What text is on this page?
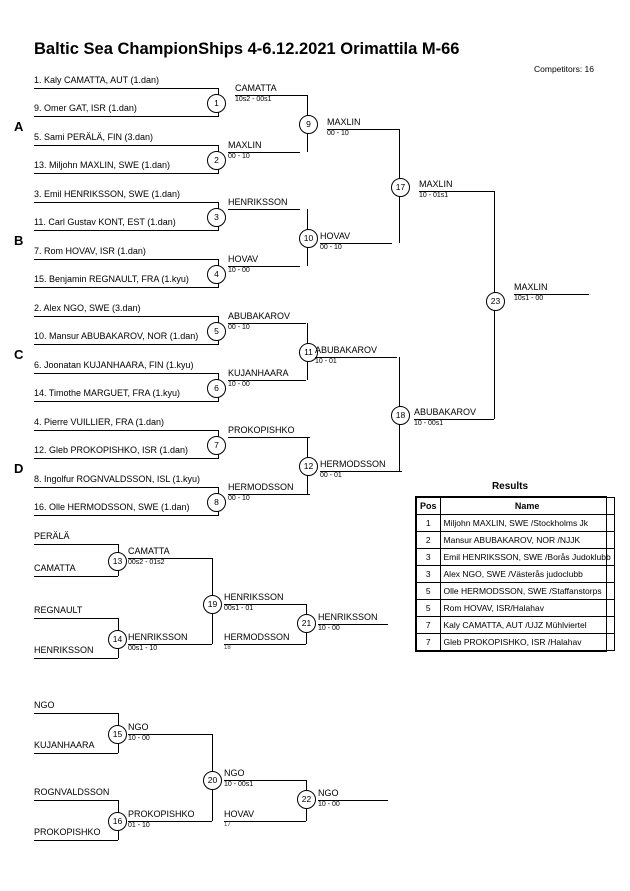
Baltic Sea ChampionShips 4-6.12.2021 Orimattila M-66
Competitors: 16
A
B
C
D
1. Kaly CAMATTA, AUT (1.dan)
9. Omer GAT, ISR (1.dan)
5. Sami PERÄLÄ, FIN (3.dan)
13. Miljohn MAXLIN, SWE (1.dan)
3. Emil HENRIKSSON, SWE (1.dan)
11. Carl Gustav KONT, EST (1.dan)
7. Rom HOVAV, ISR (1.dan)
15. Benjamin REGNAULT, FRA (1.kyu)
2. Alex NGO, SWE (3.dan)
10. Mansur ABUBAKAROV, NOR (1.dan)
6. Joonatan KUJANHAARA, FIN (1.kyu)
14. Timothe MARGUET, FRA (1.kyu)
4. Pierre VUILLIER, FRA (1.dan)
12. Gleb PROKOPISHKO, ISR (1.dan)
8. Ingolfur ROGNVALDSSON, ISL (1.kyu)
16. Olle HERMODSSON, SWE (1.dan)
1
2
3
4
5
6
7
8
CAMATTA
10s2 - 00s1
MAXLIN
00 - 10
HENRIKSSON
HOVAV
10 - 00
ABUBAKAROV
00 - 10
KUJANHAARA
10 - 00
PROKOPISHKO
HERMODSSON
00 - 10
9
10
11
12
MAXLIN
00 - 10
HOVAV
00 - 10
ABUBAKAROV
10 - 01
HERMODSSON
00 - 01
17
18
MAXLIN
10 - 01s1
ABUBAKAROV
10 - 00s1
23
MAXLIN
10s1 - 00
PERÄLÄ
CAMATTA
13
CAMATTA
00s2 - 01s2
REGNAULT
HENRIKSSON
14 HENRIKSSON
00s1 - 10
19
HENRIKSSON
00s1 - 01
HERMODSSON
18
21
HENRIKSSON
10 - 00
NGO
KUJANHAARA
15
NGO
10 - 00
ROGNVALDSSON
PROKOPISHKO
16
PROKOPISHKO
01 - 10
20
NGO
10 - 00s1
HOVAV
17
22
NGO
10 - 00
Results
Pos	Name
1	Miljohn MAXLIN, SWE /Stockholms Jk
2	Mansur ABUBAKAROV, NOR /NJJK
3	Emil HENRIKSSON, SWE /Borås Judoklubb
3	Alex NGO, SWE /Västerås judoclubb
5	Olle HERMODSSON, SWE /Staffanstorps
5	Rom HOVAV, ISR/Halahav
7	Kaly CAMATTA, AUT /UJZ Mühlviertel
7	Gleb PROKOPISHKO, ISR /Halahav
